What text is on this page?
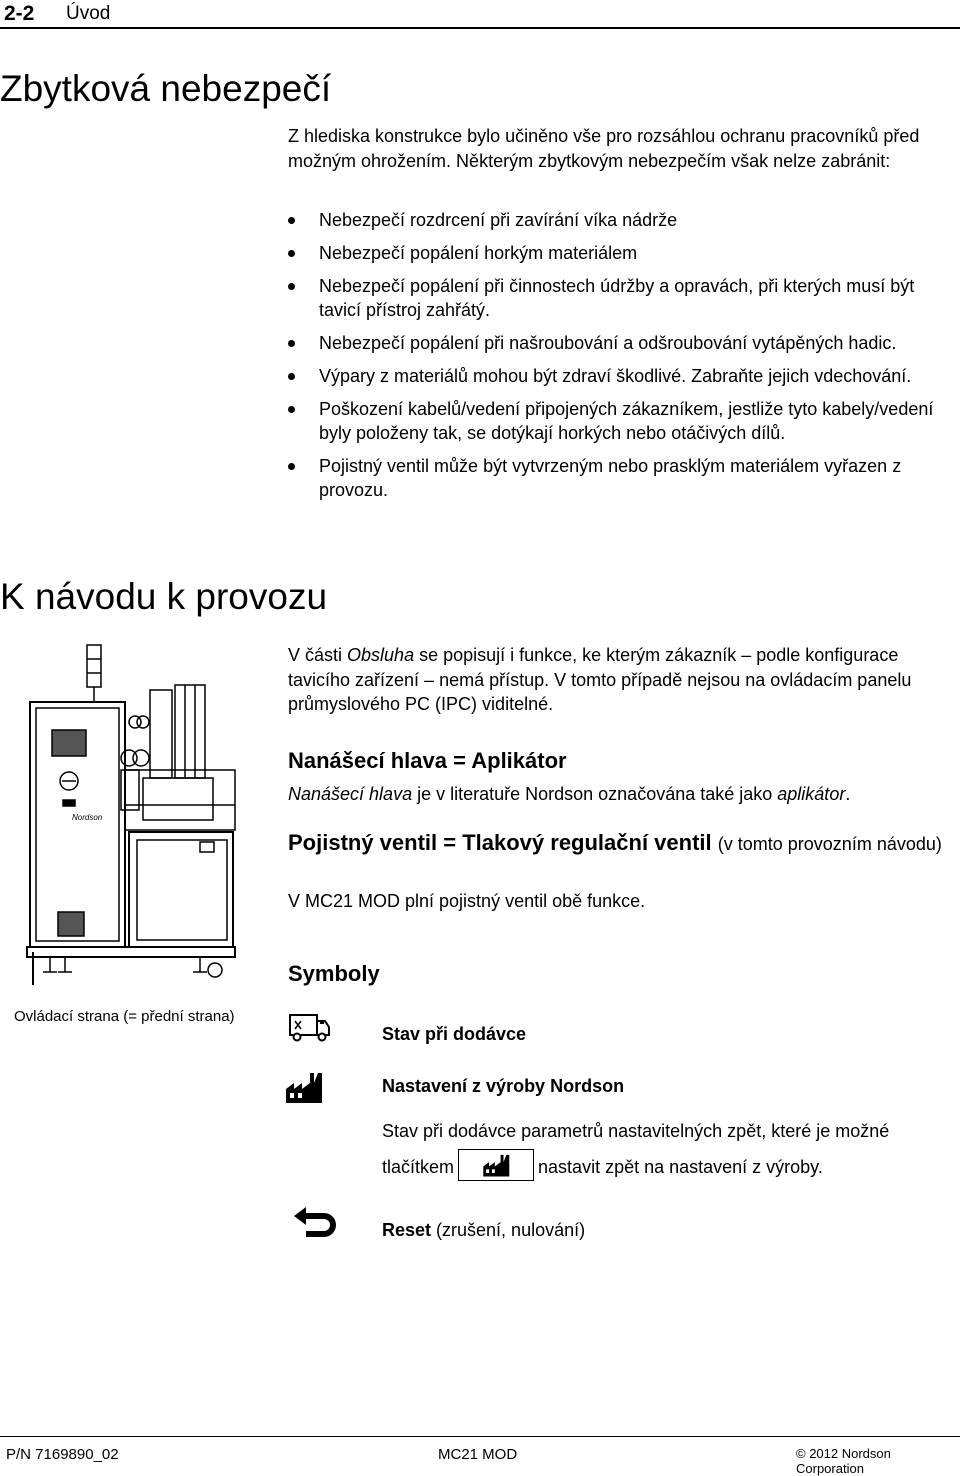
2-2 Úvod
Zbytková nebezpečí
Z hlediska konstrukce bylo učiněno vše pro rozsáhlou ochranu pracovníků před možným ohrožením. Některým zbytkovým nebezpečím však nelze zabránit:
Nebezpečí rozdrcení při zavírání víka nádrže
Nebezpečí popálení horkým materiálem
Nebezpečí popálení při činnostech údržby a opravách, při kterých musí být tavicí přístroj zahřátý.
Nebezpečí popálení při našroubování a odšroubování vytápěných hadic.
Výpary z materiálů mohou být zdraví škodlivé. Zabraňte jejich vdechování.
Poškození kabelů/vedení připojených zákazníkem, jestliže tyto kabely/vedení byly položeny tak, se dotýkají horkých nebo otáčivých dílů.
Pojistný ventil může být vytvrzeným nebo prasklým materiálem vyřazen z provozu.
K návodu k provozu
V části Obsluha se popisují i funkce, ke kterým zákazník – podle konfigurace tavicího zařízení – nemá přístup. V tomto případě nejsou na ovládacím panelu průmyslového PC (IPC) viditelné.
Nordson
Ovládací strana (= přední strana)
Nanášecí hlava = Aplikátor
Nanášecí hlava je v literatuře Nordson označována také jako aplikátor.
Pojistný ventil = Tlakový regulační ventil (v tomto provozním návodu)
V MC21 MOD plní pojistný ventil obě funkce.
Symboly
Stav při dodávce
Nastavení z výroby Nordson
Stav při dodávce parametrů nastavitelných zpět, které je možné
tlačítkem	nastavit zpět na nastavení z výroby.
Reset (zrušení, nulování)
P/N 7169890_02	MC21 MOD	© 2012 Nordson Corporation
